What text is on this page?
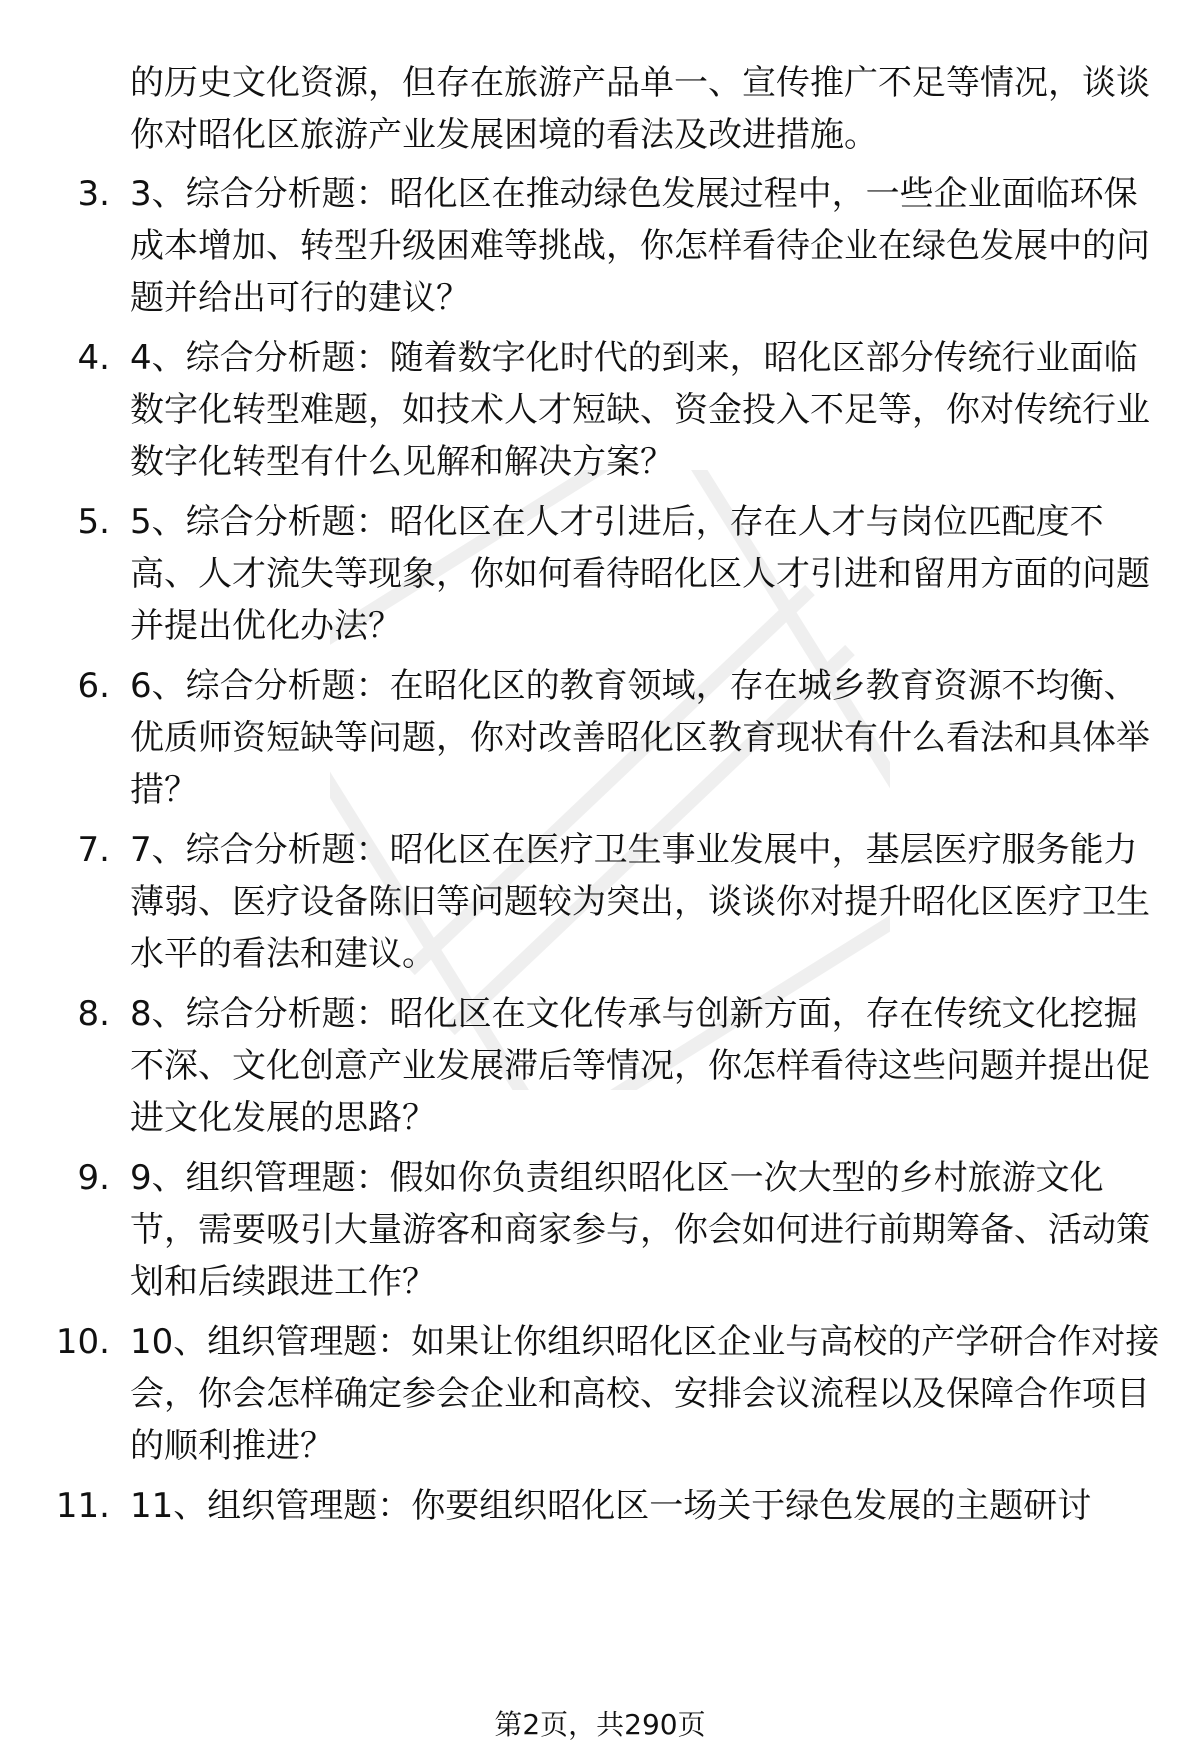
的历史文化资源，但存在旅游产品单一、宣传推广不足等情况，谈谈你对昭化区旅游产业发展困境的看法及改进措施。
3. 3、综合分析题：昭化区在推动绿色发展过程中，一些企业面临环保成本增加、转型升级困难等挑战，你怎样看待企业在绿色发展中的问题并给出可行的建议？
4. 4、综合分析题：随着数字化时代的到来，昭化区部分传统行业面临数字化转型难题，如技术人才短缺、资金投入不足等，你对传统行业数字化转型有什么见解和解决方案？
5. 5、综合分析题：昭化区在人才引进后，存在人才与岗位匹配度不高、人才流失等现象，你如何看待昭化区人才引进和留用方面的问题并提出优化办法？
6. 6、综合分析题：在昭化区的教育领域，存在城乡教育资源不均衡、优质师资短缺等问题，你对改善昭化区教育现状有什么看法和具体举措？
7. 7、综合分析题：昭化区在医疗卫生事业发展中，基层医疗服务能力薄弱、医疗设备陈旧等问题较为突出，谈谈你对提升昭化区医疗卫生水平的看法和建议。
8. 8、综合分析题：昭化区在文化传承与创新方面，存在传统文化挖掘不深、文化创意产业发展滞后等情况，你怎样看待这些问题并提出促进文化发展的思路？
9. 9、组织管理题：假如你负责组织昭化区一次大型的乡村旅游文化节，需要吸引大量游客和商家参与，你会如何进行前期筹备、活动策划和后续跟进工作？
10. 10、组织管理题：如果让你组织昭化区企业与高校的产学研合作对接会，你会怎样确定参会企业和高校、安排会议流程以及保障合作项目的顺利推进？
11. 11、组织管理题：你要组织昭化区一场关于绿色发展的主题研讨
第2页，共290页
